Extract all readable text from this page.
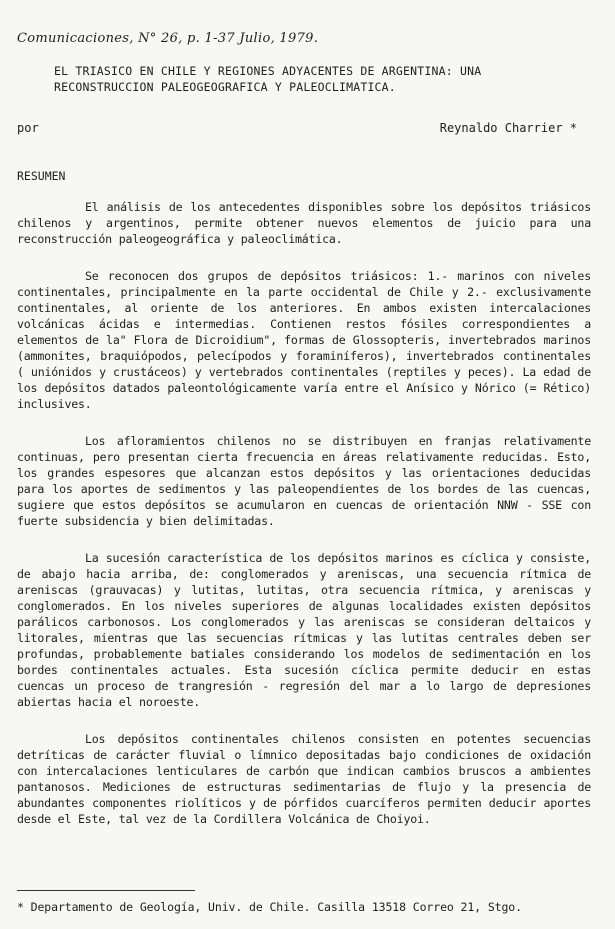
Comunicaciones, N° 26, p. 1-37 Julio, 1979.
EL TRIASICO EN CHILE Y REGIONES ADYACENTES DE ARGENTINA: UNA RECONSTRUCCION PALEOGEOGRAFICA Y PALEOCLIMATICA.
por	Reynaldo Charrier *
RESUMEN

El análisis de los antecedentes disponibles sobre los depósitos triásicos chilenos y argentinos, permite obtener nuevos elementos de juicio para una reconstrucción paleogeográfica y paleoclimática.

Se reconocen dos grupos de depósitos triásicos: 1.- marinos con niveles continentales, principalmente en la parte occidental de Chile y 2.- exclusivamente continentales, al oriente de los anteriores. En ambos existen intercalaciones volcánicas ácidas e intermedias. Contienen restos fósiles correspondientes a elementos de la" Flora de Dicroidium", formas de Glossopteris, invertebrados marinos (ammonites, braquiópodos, pelecípodos y foraminíferos), invertebrados continentales ( uniónidos y crustáceos) y vertebrados continentales (reptiles y peces). La edad de los depósitos datados paleontológicamente varía entre el Anísico y Nórico (= Rético) inclusives.

Los afloramientos chilenos no se distribuyen en franjas relativamente continuas, pero presentan cierta frecuencia en áreas relativamente reducidas. Esto, los grandes espesores que alcanzan estos depósitos y las orientaciones deducidas para los aportes de sedimentos y las paleopendientes de los bordes de las cuencas, sugiere que estos depósitos se acumularon en cuencas de orientación NNW - SSE con fuerte subsidencia y bien delimitadas.

La sucesión característica de los depósitos marinos es cíclica y consiste, de abajo hacia arriba, de: conglomerados y areniscas, una secuencia rítmica de areniscas (grauvacas) y lutitas, lutitas, otra secuencia rítmica, y areniscas y conglomerados. En los niveles superiores de algunas localidades existen depósitos parálicos carbonosos. Los conglomerados y las areniscas se consideran deltaicos y litorales, mientras que las secuencias rítmicas y las lutitas centrales deben ser profundas, probablemente batiales considerando los modelos de sedimentación en los bordes continentales actuales. Esta sucesión cíclica permite deducir en estas cuencas un proceso de trangresión - regresión del mar a lo largo de depresiones abiertas hacia el noroeste.

Los depósitos continentales chilenos consisten en potentes secuencias detríticas de carácter fluvial o límnico depositadas bajo condiciones de oxidación con intercalaciones lenticulares de carbón que indican cambios bruscos a ambientes pantanosos. Mediciones de estructuras sedimentarias de flujo y la presencia de abundantes componentes riolíticos y de pórfidos cuarcíferos permiten deducir aportes desde el Este, tal vez de la Cordillera Volcánica de Choiyoi.

* Departamento de Geología, Univ. de Chile. Casilla 13518 Correo 21, Stgo.
